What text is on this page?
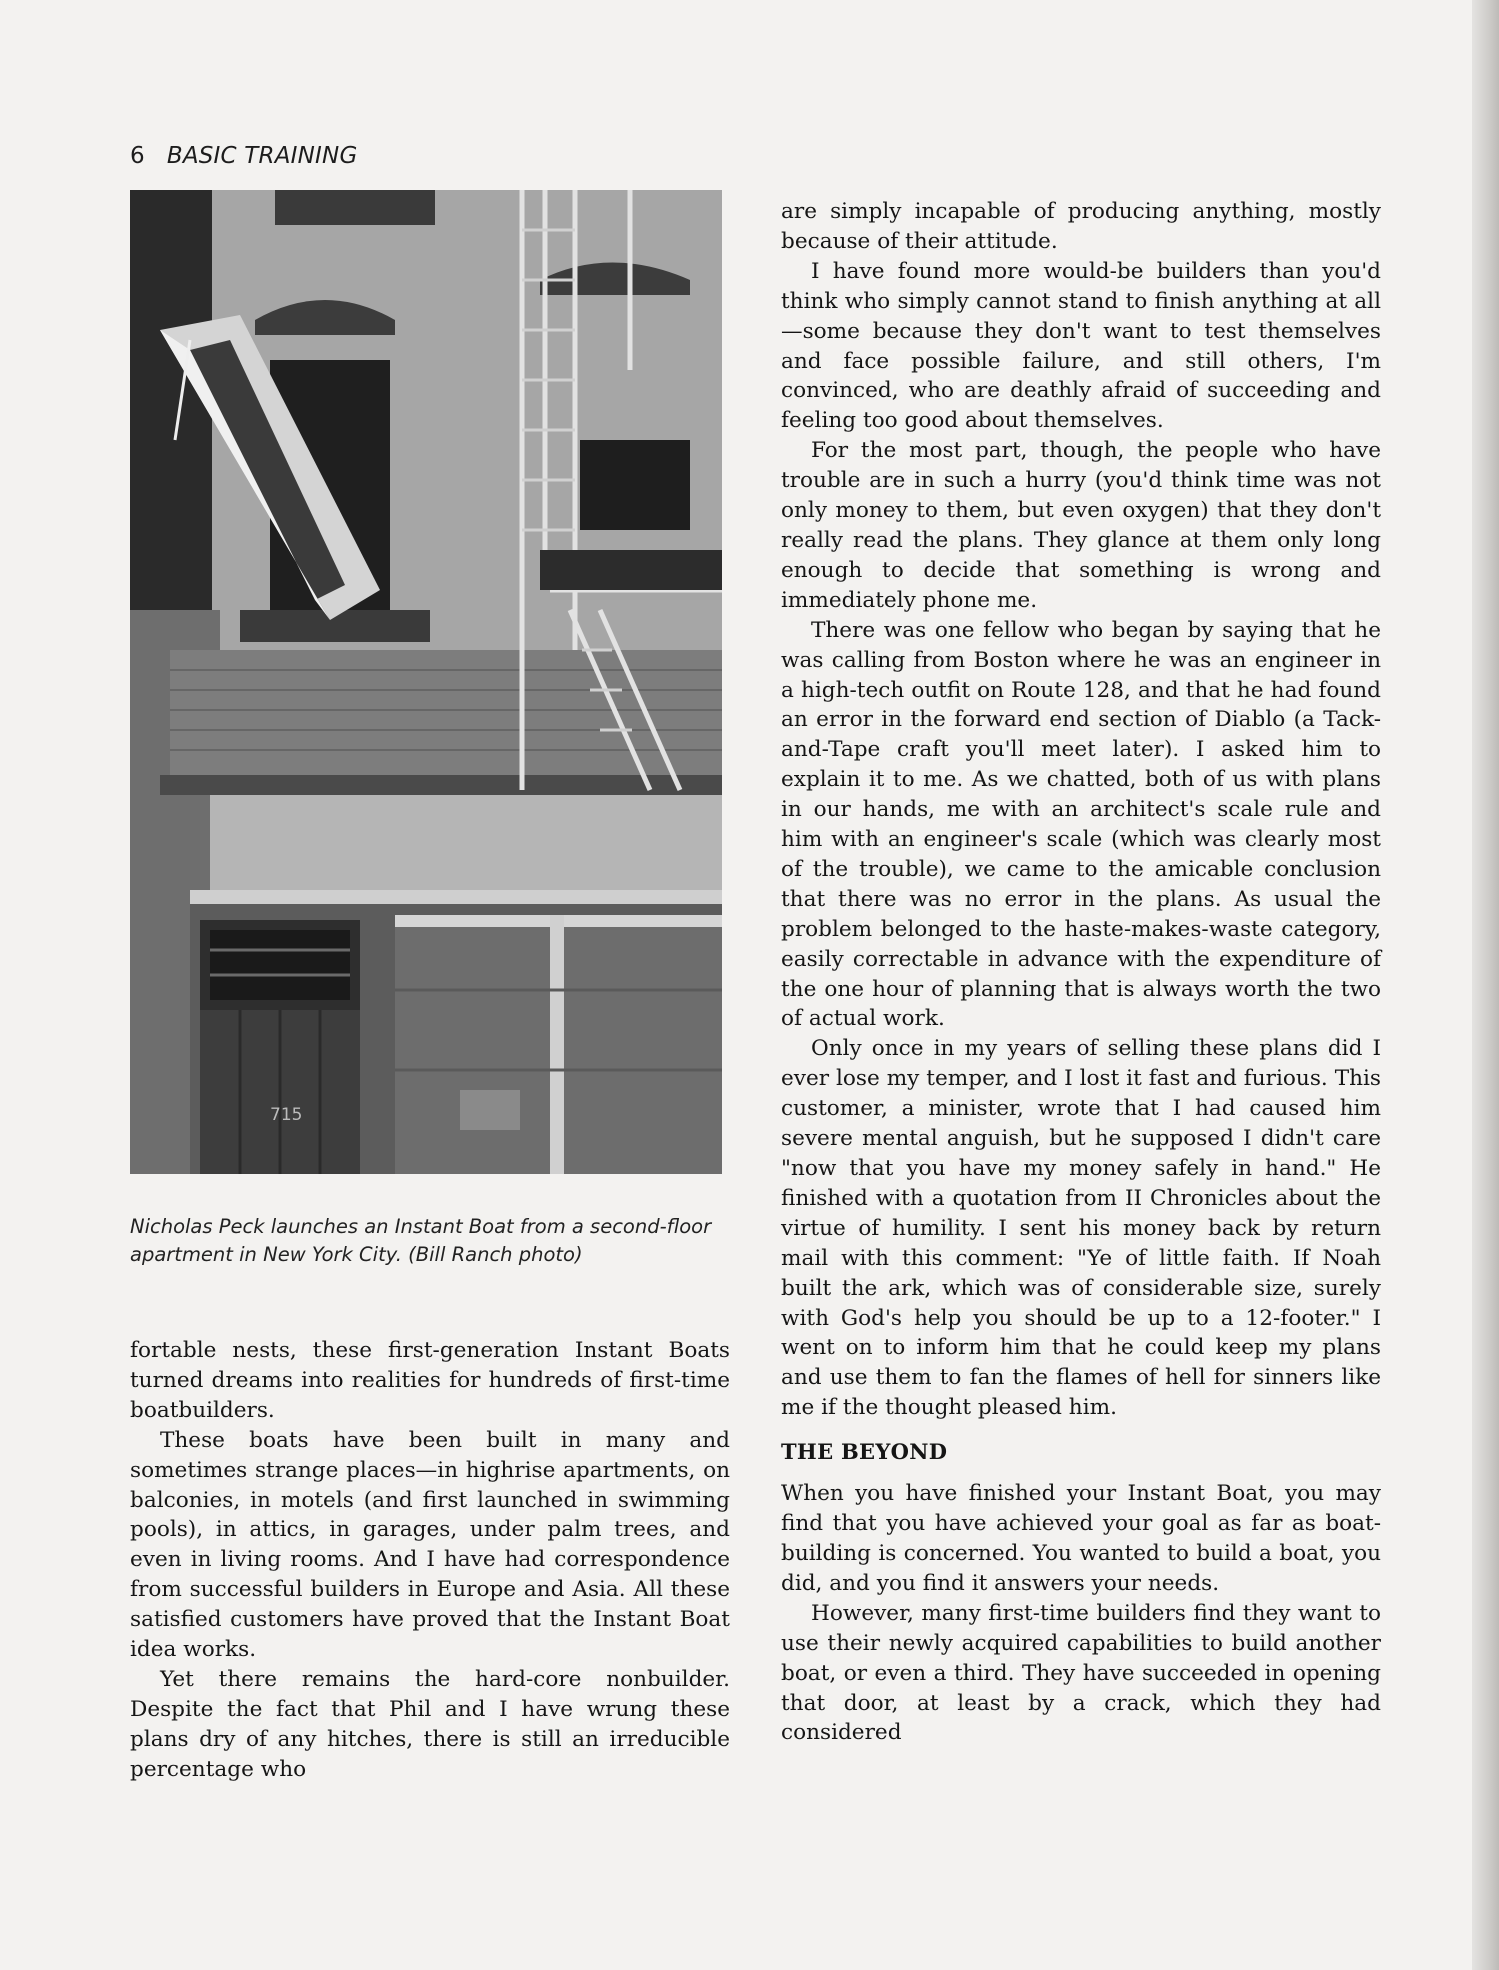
6 BASIC TRAINING
715
Nicholas Peck launches an Instant Boat from a second-floor apartment in New York City. (Bill Ranch photo)

fortable nests, these first-generation Instant Boats turned dreams into realities for hundreds of first-time boatbuilders.

These boats have been built in many and sometimes strange places—in highrise apartments, on balconies, in motels (and first launched in swimming pools), in attics, in garages, under palm trees, and even in living rooms. And I have had correspondence from successful builders in Europe and Asia. All these satisfied customers have proved that the Instant Boat idea works.

Yet there remains the hard-core nonbuilder. Despite the fact that Phil and I have wrung these plans dry of any hitches, there is still an irreducible percentage who

are simply incapable of producing anything, mostly because of their attitude.

I have found more would-be builders than you'd think who simply cannot stand to finish anything at all—some because they don't want to test themselves and face possible failure, and still others, I'm convinced, who are deathly afraid of succeeding and feeling too good about themselves.

For the most part, though, the people who have trouble are in such a hurry (you'd think time was not only money to them, but even oxygen) that they don't really read the plans. They glance at them only long enough to decide that something is wrong and immediately phone me.

There was one fellow who began by saying that he was calling from Boston where he was an engineer in a high-tech outfit on Route 128, and that he had found an error in the forward end section of Diablo (a Tack-and-Tape craft you'll meet later). I asked him to explain it to me. As we chatted, both of us with plans in our hands, me with an architect's scale rule and him with an engineer's scale (which was clearly most of the trouble), we came to the amicable conclusion that there was no error in the plans. As usual the problem belonged to the haste-makes-waste category, easily correctable in advance with the expenditure of the one hour of planning that is always worth the two of actual work.

Only once in my years of selling these plans did I ever lose my temper, and I lost it fast and furious. This customer, a minister, wrote that I had caused him severe mental anguish, but he supposed I didn't care "now that you have my money safely in hand." He finished with a quotation from II Chronicles about the virtue of humility. I sent his money back by return mail with this comment: "Ye of little faith. If Noah built the ark, which was of considerable size, surely with God's help you should be up to a 12-footer." I went on to inform him that he could keep my plans and use them to fan the flames of hell for sinners like me if the thought pleased him.

THE BEYOND

When you have finished your Instant Boat, you may find that you have achieved your goal as far as boat-building is concerned. You wanted to build a boat, you did, and you find it answers your needs.

However, many first-time builders find they want to use their newly acquired capabilities to build another boat, or even a third. They have succeeded in opening that door, at least by a crack, which they had considered
